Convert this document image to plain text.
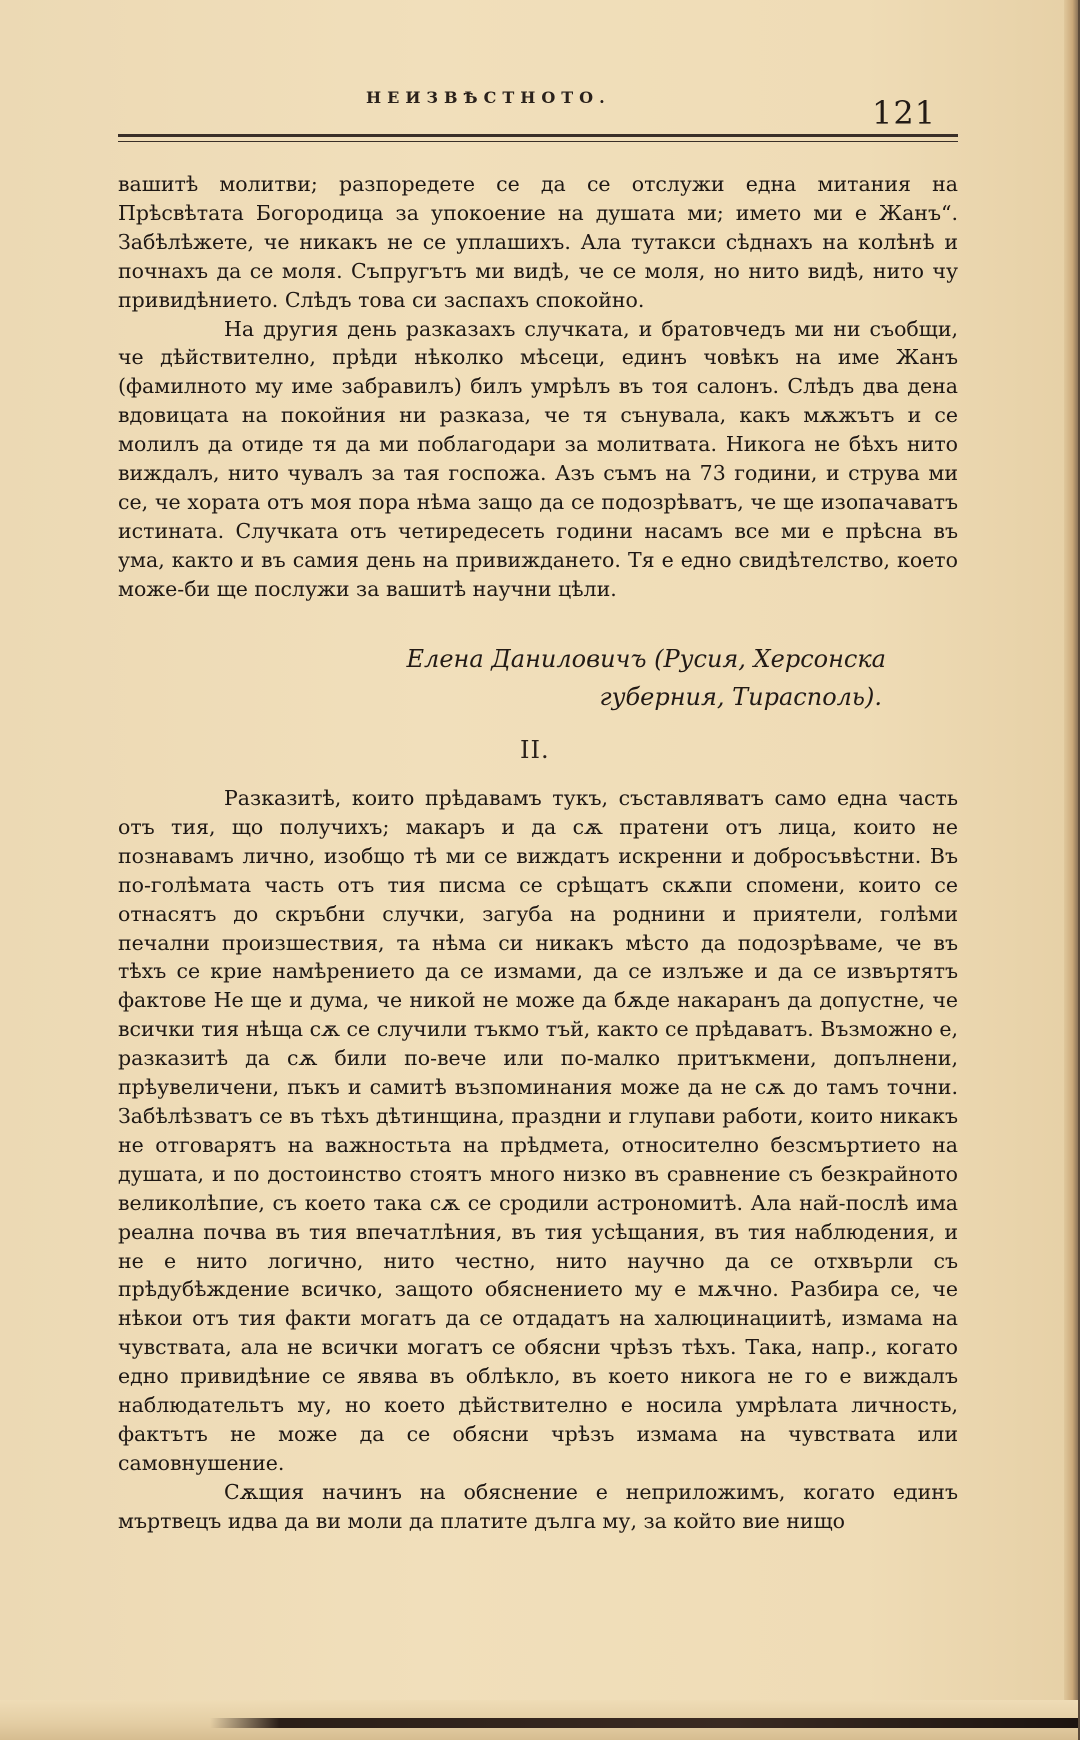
НЕИЗВѢСТНОТО.	121

вашитѣ молитви; разпоредете се да се отслужи една митания на Прѣсвѣтата Богородица за упокоение на душата ми; името ми е Жанъ“. Забѣлѣжете, че никакъ не се уплашихъ. Ала тутакси сѣднахъ на колѣнѣ и почнахъ да се моля. Съпругътъ ми видѣ, че се моля, но нито видѣ, нито чу привидѣнието. Слѣдъ това си заспахъ спокойно.

На другия день разказахъ случката, и братовчедъ ми ни съобщи, че дѣйствително, прѣди нѣколко мѣсеци, единъ човѣкъ на име Жанъ (фамилното му име забравилъ) билъ умрѣлъ въ тоя салонъ. Слѣдъ два дена вдовицата на покойния ни разказа, че тя сънувала, какъ мѫжътъ и се молилъ да отиде тя да ми поблагодари за молитвата. Никога не бѣхъ нито виждалъ, нито чувалъ за тая госпожа. Азъ съмъ на 73 години, и струва ми се, че хората отъ моя пора нѣма защо да се подозрѣватъ, че ще изопачаватъ истината. Случката отъ четиредесеть години насамъ все ми е прѣсна въ ума, както и въ самия день на привиждането. Тя е едно свидѣтелство, което може-би ще послужи за вашитѣ научни цѣли.

Елена Даниловичъ (Русия, Херсонска
губерния, Тирасполь).
II.

Разказитѣ, които прѣдавамъ тукъ, съставляватъ само една часть отъ тия, що получихъ; макаръ и да сѫ пратени отъ лица, които не познавамъ лично, изобщо тѣ ми се виждатъ искренни и добросъвѣстни. Въ по-голѣмата часть отъ тия писма се срѣщатъ скѫпи спомени, които се отнасятъ до скръбни случки, загуба на роднини и приятели, голѣми печални произшествия, та нѣма си никакъ мѣсто да подозрѣваме, че въ тѣхъ се крие намѣрението да се измами, да се излъже и да се извъртятъ фактове Не ще и дума, че никой не може да бѫде накаранъ да допустне, че всички тия нѣща сѫ се случили тъкмо тъй, както се прѣдаватъ. Възможно е, разказитѣ да сѫ били по-вече или по-малко притъкмени, допълнени, прѣувеличени, пъкъ и самитѣ възпоминания може да не сѫ до тамъ точни. Забѣлѣзватъ се въ тѣхъ дѣтинщина, праздни и глупави работи, които никакъ не отговарятъ на важностьта на прѣдмета, относително безсмъртието на душата, и по достоинство стоятъ много низко въ сравнение съ безкрайното великолѣпие, съ което така сѫ се сродили астрономитѣ. Ала най-послѣ има реална почва въ тия впечатлѣния, въ тия усѣщания, въ тия наблюдения, и не е нито логично, нито честно, нито научно да се отхвърли съ прѣдубѣждение всичко, защото обяснението му е мѫчно. Разбира се, че нѣкои отъ тия факти могатъ да се отдадатъ на халюцинациитѣ, измама на чувствата, ала не всички могатъ се обясни чрѣзъ тѣхъ. Така, напр., когато едно привидѣние се явява въ облѣкло, въ което никога не го е виждалъ наблюдательтъ му, но което дѣйствително е носила умрѣлата личность, фактътъ не може да се обясни чрѣзъ измама на чувствата или самовнушение.

Сѫщия начинъ на обяснение е неприложимъ, когато единъ мъртвецъ идва да ви моли да платите дълга му, за който вие нищо
